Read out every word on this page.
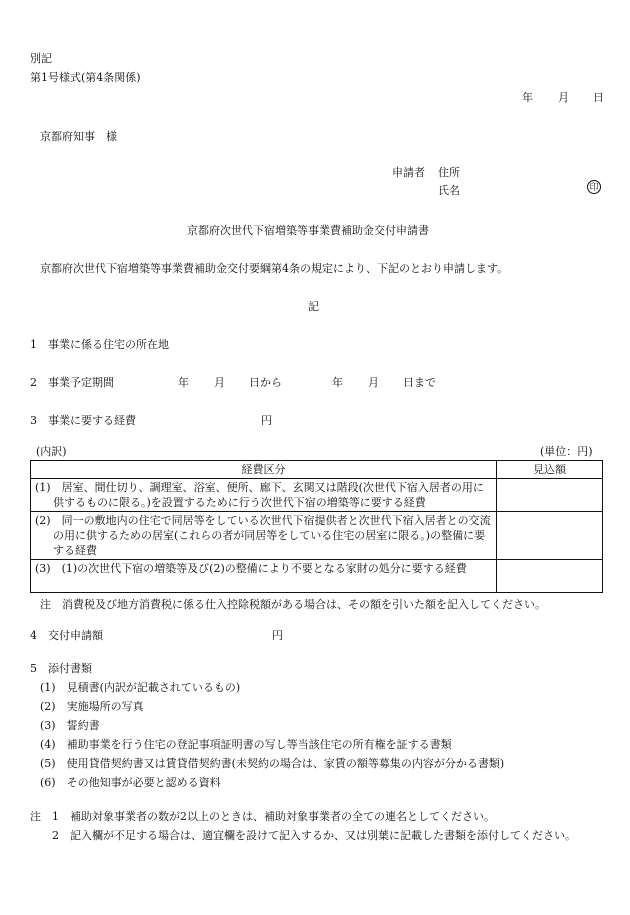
別記
第1号様式(第4条関係)
年 月 日
京都府知事　様
申請者 住所
氏名	印
京都府次世代下宿増築等事業費補助金交付申請書
京都府次世代下宿増築等事業費補助金交付要綱第4条の規定により、下記のとおり申請します。
記
1　事業に係る住宅の所在地
2　事業予定期間	年 月 日から	年 月 日まで
3　事業に要する経費	円
(内訳)	(単位：円)
経費区分	見込額

(1)　居室、間仕切り、調理室、浴室、便所、廊下、玄関又は階段(次世代下宿入居者の用に供するものに限る。)を設置するために行う次世代下宿の増築等に要する経費	

(2)　同一の敷地内の住宅で同居等をしている次世代下宿提供者と次世代下宿入居者との交流の用に供するための居室(これらの者が同居等をしている住宅の居室に限る。)の整備に要する経費	

(3)　(1)の次世代下宿の増築等及び(2)の整備により不要となる家財の処分に要する経費	

注　消費税及び地方消費税に係る仕入控除税額がある場合は、その額を引いた額を記入してください。
4　交付申請額	円
5　添付書類
(1)　見積書(内訳が記載されているもの)
(2)　実施場所の写真
(3)　誓約書
(4)　補助事業を行う住宅の登記事項証明書の写し等当該住宅の所有権を証する書類
(5)　使用貸借契約書又は賃貸借契約書(未契約の場合は、家賃の額等募集の内容が分かる書類)
(6)　その他知事が必要と認める資料
注 1　補助対象事業者の数が2以上のときは、補助対象事業者の全ての連名としてください。
2　記入欄が不足する場合は、適宜欄を設けて記入するか、又は別葉に記載した書類を添付してください。
